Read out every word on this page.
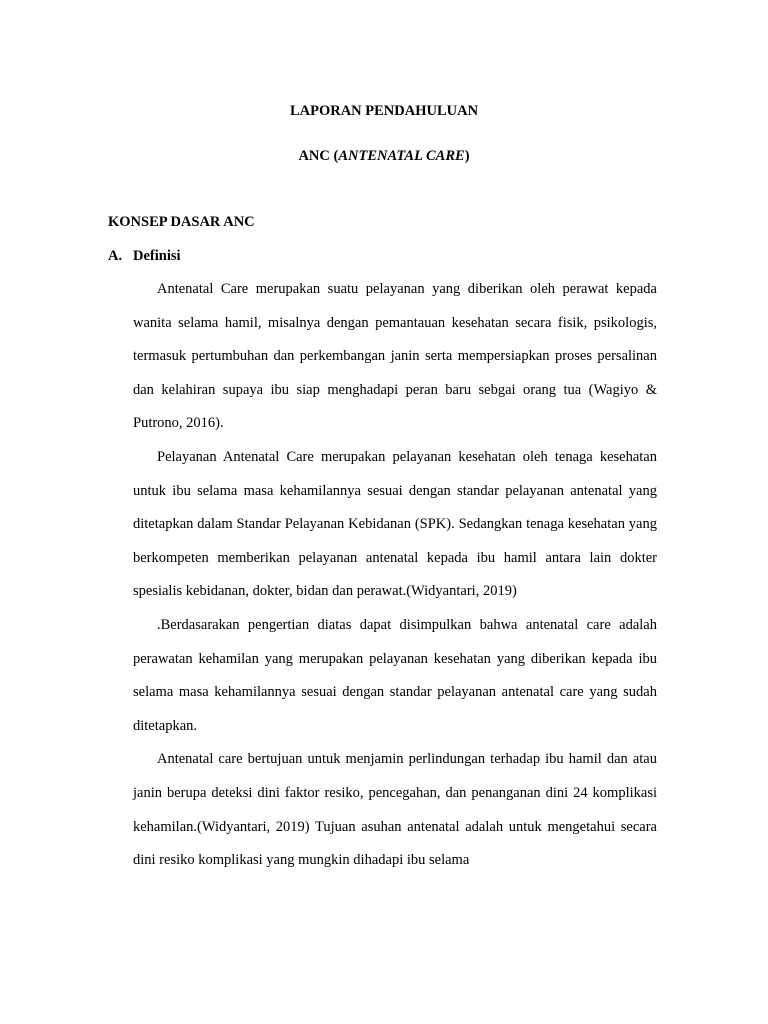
LAPORAN PENDAHULUAN
ANC (ANTENATAL CARE)
KONSEP DASAR ANC
A. Definisi

Antenatal Care merupakan suatu pelayanan yang diberikan oleh perawat kepada wanita selama hamil, misalnya dengan pemantauan kesehatan secara fisik, psikologis, termasuk pertumbuhan dan perkembangan janin serta mempersiapkan proses persalinan dan kelahiran supaya ibu siap menghadapi peran baru sebgai orang tua (Wagiyo & Putrono, 2016).

Pelayanan Antenatal Care merupakan pelayanan kesehatan oleh tenaga kesehatan untuk ibu selama masa kehamilannya sesuai dengan standar pelayanan antenatal yang ditetapkan dalam Standar Pelayanan Kebidanan (SPK). Sedangkan tenaga kesehatan yang berkompeten memberikan pelayanan antenatal kepada ibu hamil antara lain dokter spesialis kebidanan, dokter, bidan dan perawat.(Widyantari, 2019)

.Berdasarakan pengertian diatas dapat disimpulkan bahwa antenatal care adalah perawatan kehamilan yang merupakan pelayanan kesehatan yang diberikan kepada ibu selama masa kehamilannya sesuai dengan standar pelayanan antenatal care yang sudah ditetapkan.

Antenatal care bertujuan untuk menjamin perlindungan terhadap ibu hamil dan atau janin berupa deteksi dini faktor resiko, pencegahan, dan penanganan dini 24 komplikasi kehamilan.(Widyantari, 2019) Tujuan asuhan antenatal adalah untuk mengetahui secara dini resiko komplikasi yang mungkin dihadapi ibu selama
